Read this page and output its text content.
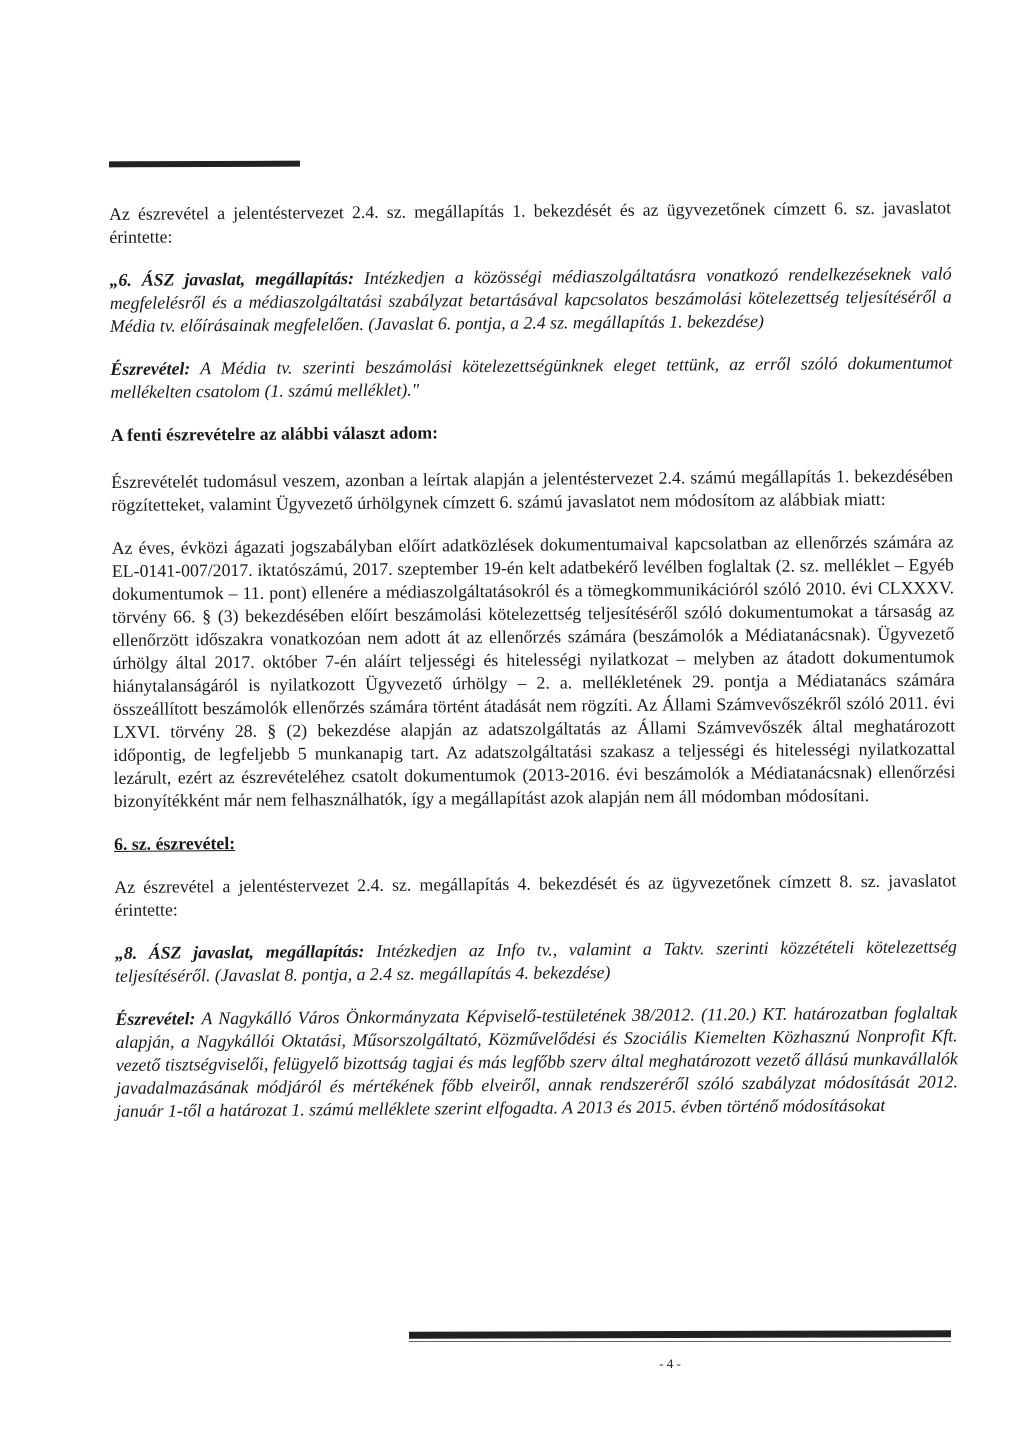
Az észrevétel a jelentéstervezet 2.4. sz. megállapítás 1. bekezdését és az ügyvezetőnek címzett 6. sz. javaslatot érintette:

„6. ÁSZ javaslat, megállapítás: Intézkedjen a közösségi médiaszolgáltatásra vonatkozó rendelkezéseknek való megfelelésről és a médiaszolgáltatási szabályzat betartásával kapcsolatos beszámolási kötelezettség teljesítéséről a Média tv. előírásainak megfelelően. (Javaslat 6. pontja, a 2.4 sz. megállapítás 1. bekezdése)

Észrevétel: A Média tv. szerinti beszámolási kötelezettségünknek eleget tettünk, az erről szóló dokumentumot mellékelten csatolom (1. számú melléklet)."

A fenti észrevételre az alábbi választ adom:

Észrevételét tudomásul veszem, azonban a leírtak alapján a jelentéstervezet 2.4. számú megállapítás 1. bekezdésében rögzítetteket, valamint Ügyvezető úrhölgynek címzett 6. számú javaslatot nem módosítom az alábbiak miatt:

Az éves, évközi ágazati jogszabályban előírt adatközlések dokumentumaival kapcsolatban az ellenőrzés számára az EL-0141-007/2017. iktatószámú, 2017. szeptember 19-én kelt adatbekérő levélben foglaltak (2. sz. melléklet – Egyéb dokumentumok – 11. pont) ellenére a médiaszolgáltatásokról és a tömegkommunikációról szóló 2010. évi CLXXXV. törvény 66. § (3) bekezdésében előírt beszámolási kötelezettség teljesítéséről szóló dokumentumokat a társaság az ellenőrzött időszakra vonatkozóan nem adott át az ellenőrzés számára (beszámolók a Médiatanácsnak). Ügyvezető úrhölgy által 2017. október 7-én aláírt teljességi és hitelességi nyilatkozat – melyben az átadott dokumentumok hiánytalanságáról is nyilatkozott Ügyvezető úrhölgy – 2. a. mellékletének 29. pontja a Médiatanács számára összeállított beszámolók ellenőrzés számára történt átadását nem rögzíti. Az Állami Számvevőszékről szóló 2011. évi LXVI. törvény 28. § (2) bekezdése alapján az adatszolgáltatás az Állami Számvevőszék által meghatározott időpontig, de legfeljebb 5 munkanapig tart. Az adatszolgáltatási szakasz a teljességi és hitelességi nyilatkozattal lezárult, ezért az észrevételéhez csatolt dokumentumok (2013-2016. évi beszámolók a Médiatanácsnak) ellenőrzési bizonyítékként már nem felhasználhatók, így a megállapítást azok alapján nem áll módomban módosítani.

6. sz. észrevétel:

Az észrevétel a jelentéstervezet 2.4. sz. megállapítás 4. bekezdését és az ügyvezetőnek címzett 8. sz. javaslatot érintette:

„8. ÁSZ javaslat, megállapítás: Intézkedjen az Info tv., valamint a Taktv. szerinti közzétételi kötelezettség teljesítéséről. (Javaslat 8. pontja, a 2.4 sz. megállapítás 4. bekezdése)

Észrevétel: A Nagykálló Város Önkormányzata Képviselő-testületének 38/2012. (11.20.) KT. határozatban foglaltak alapján, a Nagykállói Oktatási, Műsorszolgáltató, Közművelődési és Szociális Kiemelten Közhasznú Nonprofit Kft. vezető tisztségviselői, felügyelő bizottság tagjai és más legfőbb szerv által meghatározott vezető állású munkavállalók javadalmazásának módjáról és mértékének főbb elveiről, annak rendszeréről szóló szabályzat módosítását 2012. január 1-től a határozat 1. számú melléklete szerint elfogadta. A 2013 és 2015. évben történő módosításokat

- 4 -
